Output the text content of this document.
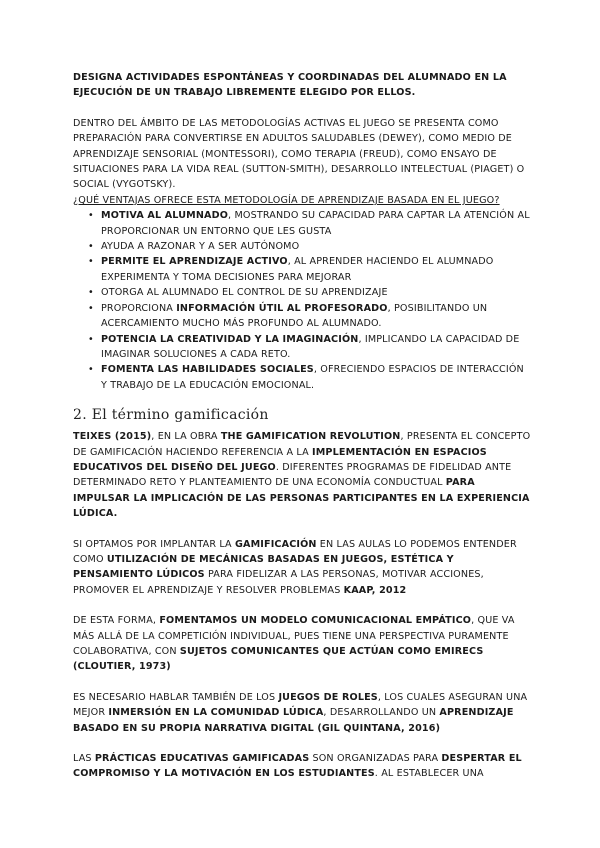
DESIGNA ACTIVIDADES ESPONTÁNEAS Y COORDINADAS DEL ALUMNADO EN LA EJECUCIÓN DE UN TRABAJO LIBREMENTE ELEGIDO POR ELLOS.

DENTRO DEL ÁMBITO DE LAS METODOLOGÍAS ACTIVAS EL JUEGO SE PRESENTA COMO PREPARACIÓN PARA CONVERTIRSE EN ADULTOS SALUDABLES (DEWEY), COMO MEDIO DE APRENDIZAJE SENSORIAL (MONTESSORI), COMO TERAPIA (FREUD), COMO ENSAYO DE SITUACIONES PARA LA VIDA REAL (SUTTON-SMITH), DESARROLLO INTELECTUAL (PIAGET) O SOCIAL (VYGOTSKY).

¿QUÉ VENTAJAS OFRECE ESTA METODOLOGÍA DE APRENDIZAJE BASADA EN EL JUEGO?

• MOTIVA AL ALUMNADO, MOSTRANDO SU CAPACIDAD PARA CAPTAR LA ATENCIÓN AL PROPORCIONAR UN ENTORNO QUE LES GUSTA
• AYUDA A RAZONAR Y A SER AUTÓNOMO
• PERMITE EL APRENDIZAJE ACTIVO, AL APRENDER HACIENDO EL ALUMNADO EXPERIMENTA Y TOMA DECISIONES PARA MEJORAR
• OTORGA AL ALUMNADO EL CONTROL DE SU APRENDIZAJE
• PROPORCIONA INFORMACIÓN ÚTIL AL PROFESORADO, POSIBILITANDO UN ACERCAMIENTO MUCHO MÁS PROFUNDO AL ALUMNADO.
• POTENCIA LA CREATIVIDAD Y LA IMAGINACIÓN, IMPLICANDO LA CAPACIDAD DE IMAGINAR SOLUCIONES A CADA RETO.
• FOMENTA LAS HABILIDADES SOCIALES, OFRECIENDO ESPACIOS DE INTERACCIÓN Y TRABAJO DE LA EDUCACIÓN EMOCIONAL.
2. El término gamificación

TEIXES (2015), EN LA OBRA THE GAMIFICATION REVOLUTION, PRESENTA EL CONCEPTO DE GAMIFICACIÓN HACIENDO REFERENCIA A LA IMPLEMENTACIÓN EN ESPACIOS EDUCATIVOS DEL DISEÑO DEL JUEGO. DIFERENTES PROGRAMAS DE FIDELIDAD ANTE DETERMINADO RETO Y PLANTEAMIENTO DE UNA ECONOMÍA CONDUCTUAL PARA IMPULSAR LA IMPLICACIÓN DE LAS PERSONAS PARTICIPANTES EN LA EXPERIENCIA LÚDICA.

SI OPTAMOS POR IMPLANTAR LA GAMIFICACIÓN EN LAS AULAS LO PODEMOS ENTENDER COMO UTILIZACIÓN DE MECÁNICAS BASADAS EN JUEGOS, ESTÉTICA Y PENSAMIENTO LÚDICOS PARA FIDELIZAR A LAS PERSONAS, MOTIVAR ACCIONES, PROMOVER EL APRENDIZAJE Y RESOLVER PROBLEMAS KAAP, 2012

DE ESTA FORMA, FOMENTAMOS UN MODELO COMUNICACIONAL EMPÁTICO, QUE VA MÁS ALLÁ DE LA COMPETICIÓN INDIVIDUAL, PUES TIENE UNA PERSPECTIVA PURAMENTE COLABORATIVA, CON SUJETOS COMUNICANTES QUE ACTÚAN COMO EMIRECS (CLOUTIER, 1973)

ES NECESARIO HABLAR TAMBIÉN DE LOS JUEGOS DE ROLES, LOS CUALES ASEGURAN UNA MEJOR INMERSIÓN EN LA COMUNIDAD LÚDICA, DESARROLLANDO UN APRENDIZAJE BASADO EN SU PROPIA NARRATIVA DIGITAL (GIL QUINTANA, 2016)

LAS PRÁCTICAS EDUCATIVAS GAMIFICADAS SON ORGANIZADAS PARA DESPERTAR EL COMPROMISO Y LA MOTIVACIÓN EN LOS ESTUDIANTES. AL ESTABLECER UNA
